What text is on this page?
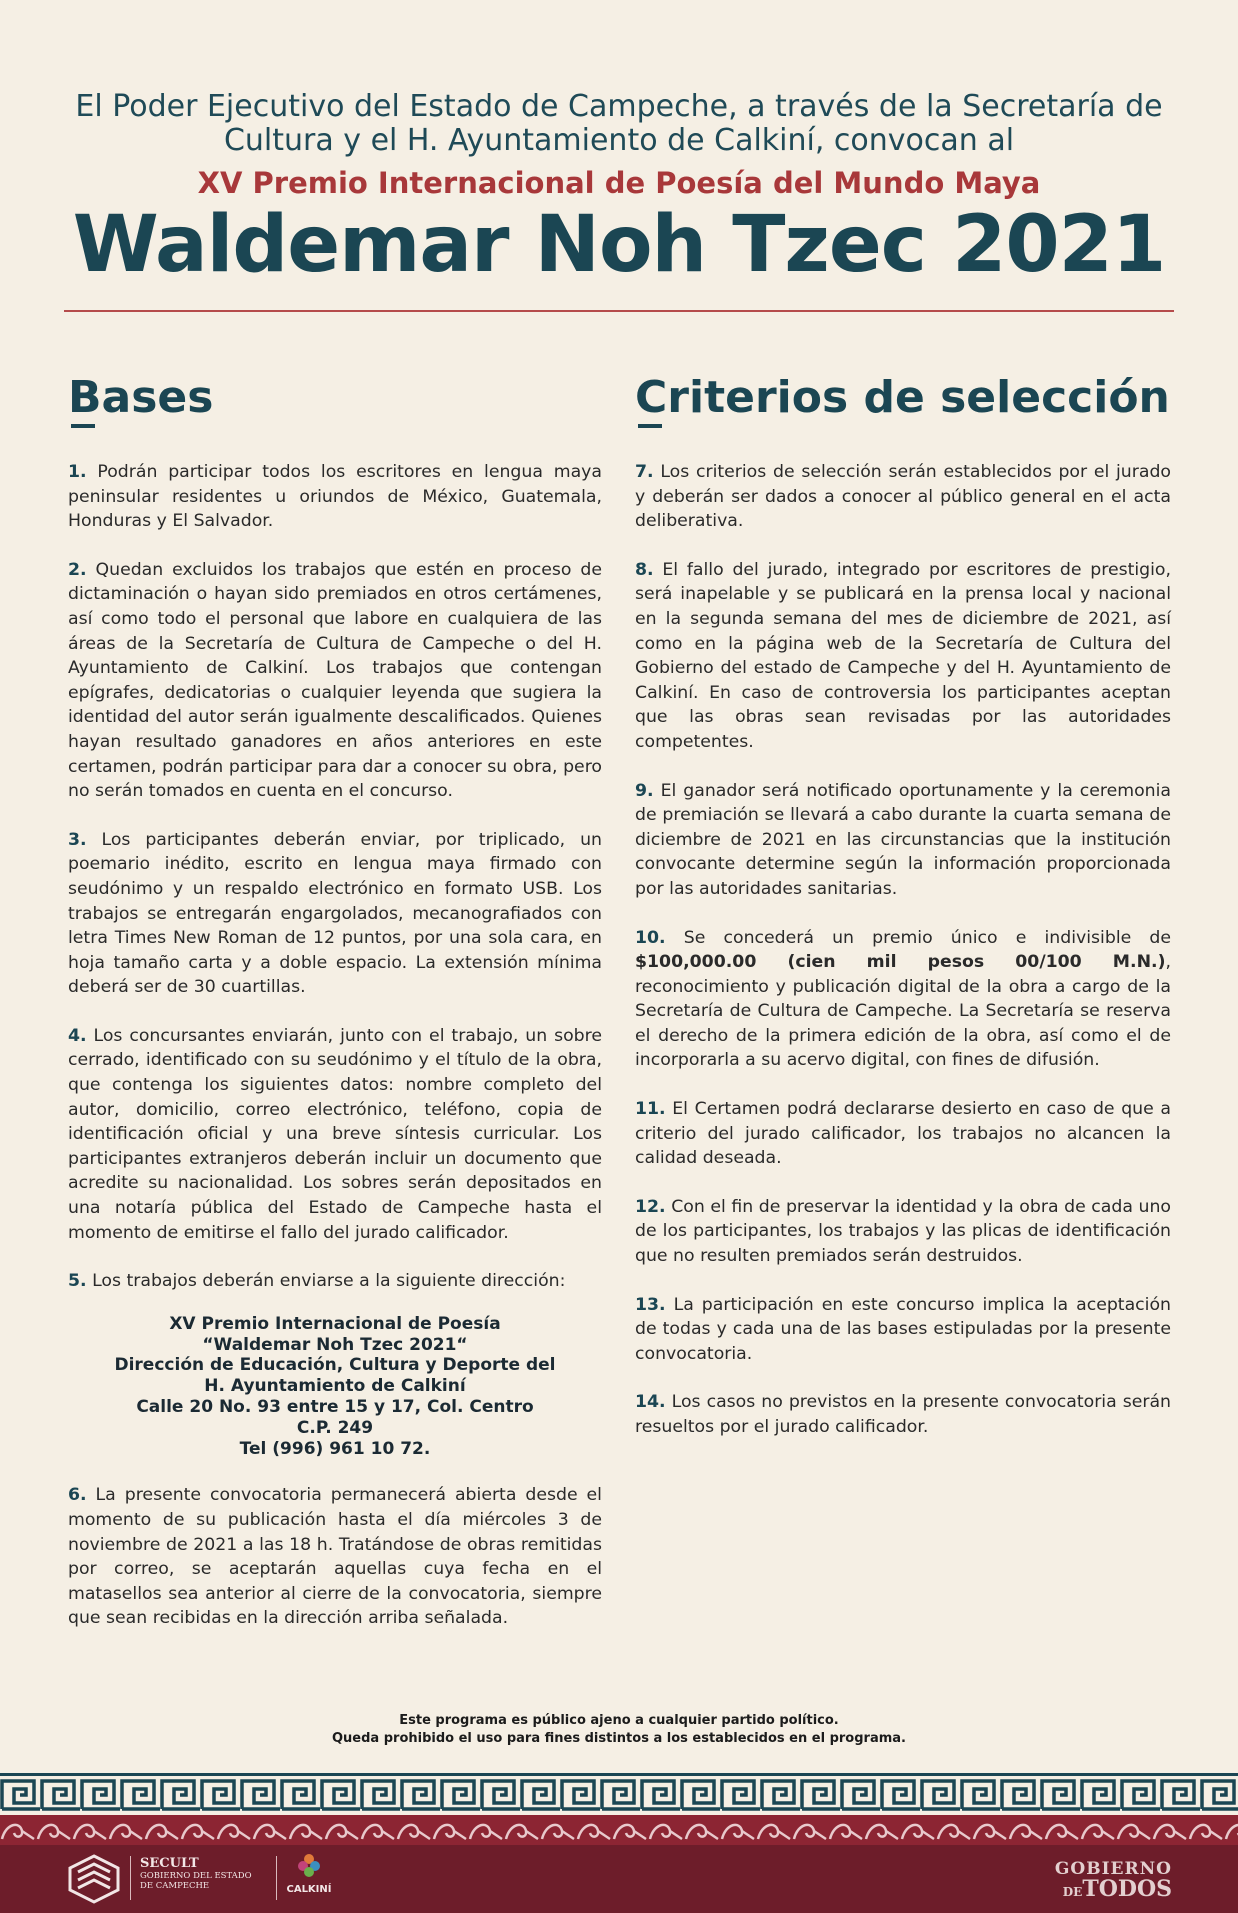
El Poder Ejecutivo del Estado de Campeche, a través de la Secretaría de Cultura y el H. Ayuntamiento de Calkiní, convocan al
XV Premio Internacional de Poesía del Mundo Maya
Waldemar Noh Tzec 2021
Bases

1. Podrán participar todos los escritores en lengua maya peninsular residentes u oriundos de México, Guatemala, Honduras y El Salvador.

2. Quedan excluidos los trabajos que estén en proceso de dictaminación o hayan sido premiados en otros certámenes, así como todo el personal que labore en cualquiera de las áreas de la Secretaría de Cultura de Campeche o del H. Ayuntamiento de Calkiní. Los trabajos que contengan epígrafes, dedicatorias o cualquier leyenda que sugiera la identidad del autor serán igualmente descalificados. Quienes hayan resultado ganadores en años anteriores en este certamen, podrán participar para dar a conocer su obra, pero no serán tomados en cuenta en el concurso.

3. Los participantes deberán enviar, por triplicado, un poemario inédito, escrito en lengua maya firmado con seudónimo y un respaldo electrónico en formato USB. Los trabajos se entregarán engargolados, mecanografiados con letra Times New Roman de 12 puntos, por una sola cara, en hoja tamaño carta y a doble espacio. La extensión mínima deberá ser de 30 cuartillas.

4. Los concursantes enviarán, junto con el trabajo, un sobre cerrado, identificado con su seudónimo y el título de la obra, que contenga los siguientes datos: nombre completo del autor, domicilio, correo electrónico, teléfono, copia de identificación oficial y una breve síntesis curricular. Los participantes extranjeros deberán incluir un documento que acredite su nacionalidad. Los sobres serán depositados en una notaría pública del Estado de Campeche hasta el momento de emitirse el fallo del jurado calificador.

5. Los trabajos deberán enviarse a la siguiente dirección:

XV Premio Internacional de Poesía
“Waldemar Noh Tzec 2021“
Dirección de Educación, Cultura y Deporte del
H. Ayuntamiento de Calkiní
Calle 20 No. 93 entre 15 y 17, Col. Centro
C.P. 249
Tel (996) 961 10 72.

6. La presente convocatoria permanecerá abierta desde el momento de su publicación hasta el día miércoles 3 de noviembre de 2021 a las 18 h. Tratándose de obras remitidas por correo, se aceptarán aquellas cuya fecha en el matasellos sea anterior al cierre de la convocatoria, siempre que sean recibidas en la dirección arriba señalada.

Criterios de selección

7. Los criterios de selección serán establecidos por el jurado y deberán ser dados a conocer al público general en el acta deliberativa.

8. El fallo del jurado, integrado por escritores de prestigio, será inapelable y se publicará en la prensa local y nacional en la segunda semana del mes de diciembre de 2021, así como en la página web de la Secretaría de Cultura del Gobierno del estado de Campeche y del H. Ayuntamiento de Calkiní. En caso de controversia los participantes aceptan que las obras sean revisadas por las autoridades competentes.

9. El ganador será notificado oportunamente y la ceremonia de premiación se llevará a cabo durante la cuarta semana de diciembre de 2021 en las circunstancias que la institución convocante determine según la información proporcionada por las autoridades sanitarias.

10. Se concederá un premio único e indivisible de $100,000.00 (cien mil pesos 00/100 M.N.), reconocimiento y publicación digital de la obra a cargo de la Secretaría de Cultura de Campeche. La Secretaría se reserva el derecho de la primera edición de la obra, así como el de incorporarla a su acervo digital, con fines de difusión.

11. El Certamen podrá declararse desierto en caso de que a criterio del jurado calificador, los trabajos no alcancen la calidad deseada.

12. Con el fin de preservar la identidad y la obra de cada uno de los participantes, los trabajos y las plicas de identificación que no resulten premiados serán destruidos.

13. La participación en este concurso implica la aceptación de todas y cada una de las bases estipuladas por la presente convocatoria.

14. Los casos no previstos en la presente convocatoria serán resueltos por el jurado calificador.

Este programa es público ajeno a cualquier partido político.
Queda prohibido el uso para fines distintos a los establecidos en el programa.
SECULT
GOBIERNO DEL ESTADO
DE CAMPECHE	CALKINÍ
GOBIERNO
DETODOS
